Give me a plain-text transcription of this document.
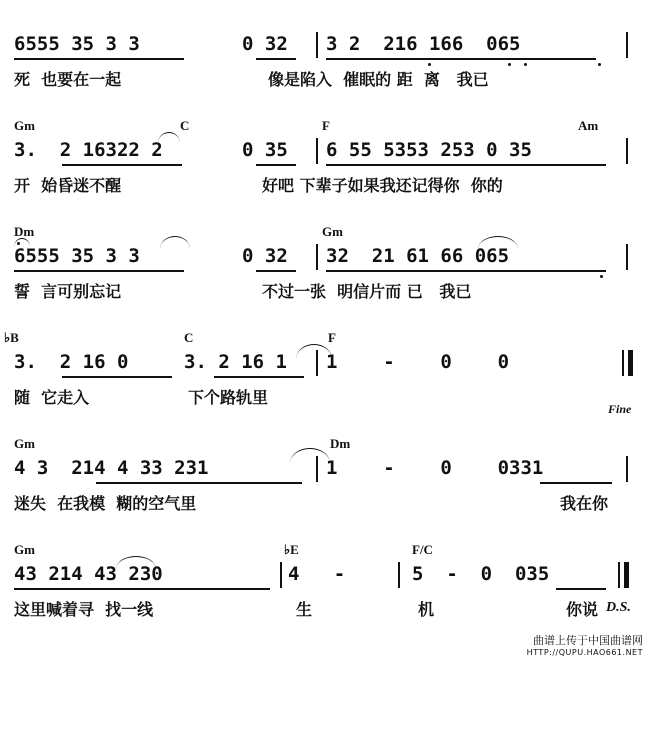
6555 35 3 3

	0 32

3 2  216 166  065

死  也要在一起

	像是陷入  催眠的 距  离   我已

Gm	C	F	Am

3.  2 16322 2

	0 35

6 55 5353 253 0 35

开  始昏迷不醒

	好吧 下辈子如果我还记得你  你的

Dm	Gm

6555 35 3 3

	0 32

32  21 61 66 065

誓  言可别忘记

	不过一张  明信片而 已   我已

♭B	C	F

3.  2 16 0

	3. 2 16 1

1    -    0    0

Fine

随  它走入

	下个路轨里

Gm	Dm

4 3  214 4 33 231

	1    -    0    0331

迷失  在我模  糊的空气里

	我在你

Gm	♭E	F/C

43 214 43 230

	4   -

	5  -  0  035

这里喊着寻  找一线

	生

	机

	你说

D.S.
曲谱上传于中国曲谱网
HTTP://QUPU.HAO661.NET
